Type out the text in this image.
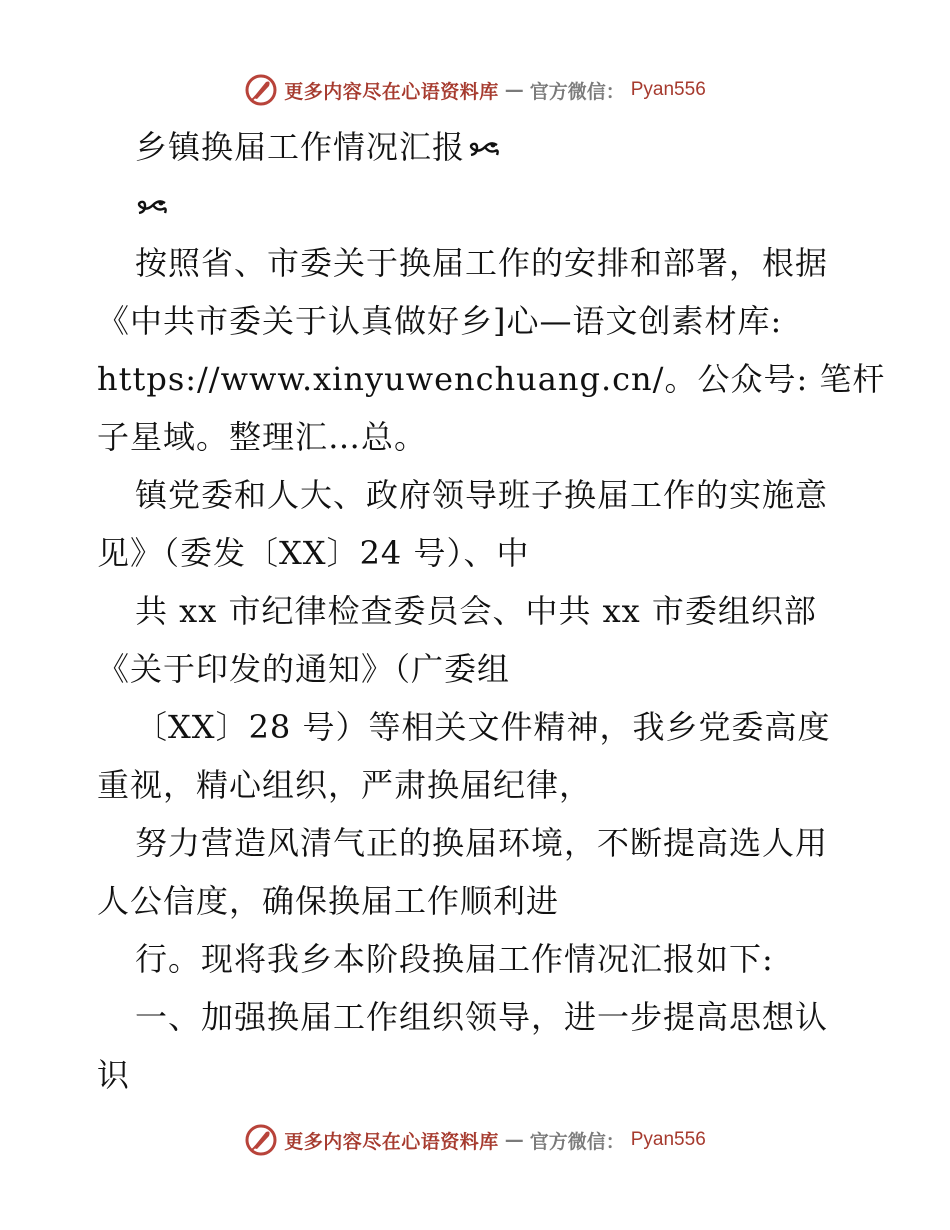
更多内容尽在心语资料库 — 官方微信： Pyan556
乡镇换届工作情况汇报
按照省、市委关于换届工作的安排和部署，根据
《中共市委关于认真做好乡]心—语文创素材库:
https://www.xinyuwenchuang.cn/。公众号: 笔杆
子星域。整理汇…总。
镇党委和人大、政府领导班子换届工作的实施意
见》（委发〔XX〕24 号）、中
共 xx 市纪律检查委员会、中共 xx 市委组织部
《关于印发的通知》（广委组
〔XX〕28 号）等相关文件精神，我乡党委高度
重视，精心组织，严肃换届纪律，
努力营造风清气正的换届环境，不断提高选人用
人公信度，确保换届工作顺利进
行。现将我乡本阶段换届工作情况汇报如下:
一、加强换届工作组织领导，进一步提高思想认
识
更多内容尽在心语资料库 — 官方微信： Pyan556
